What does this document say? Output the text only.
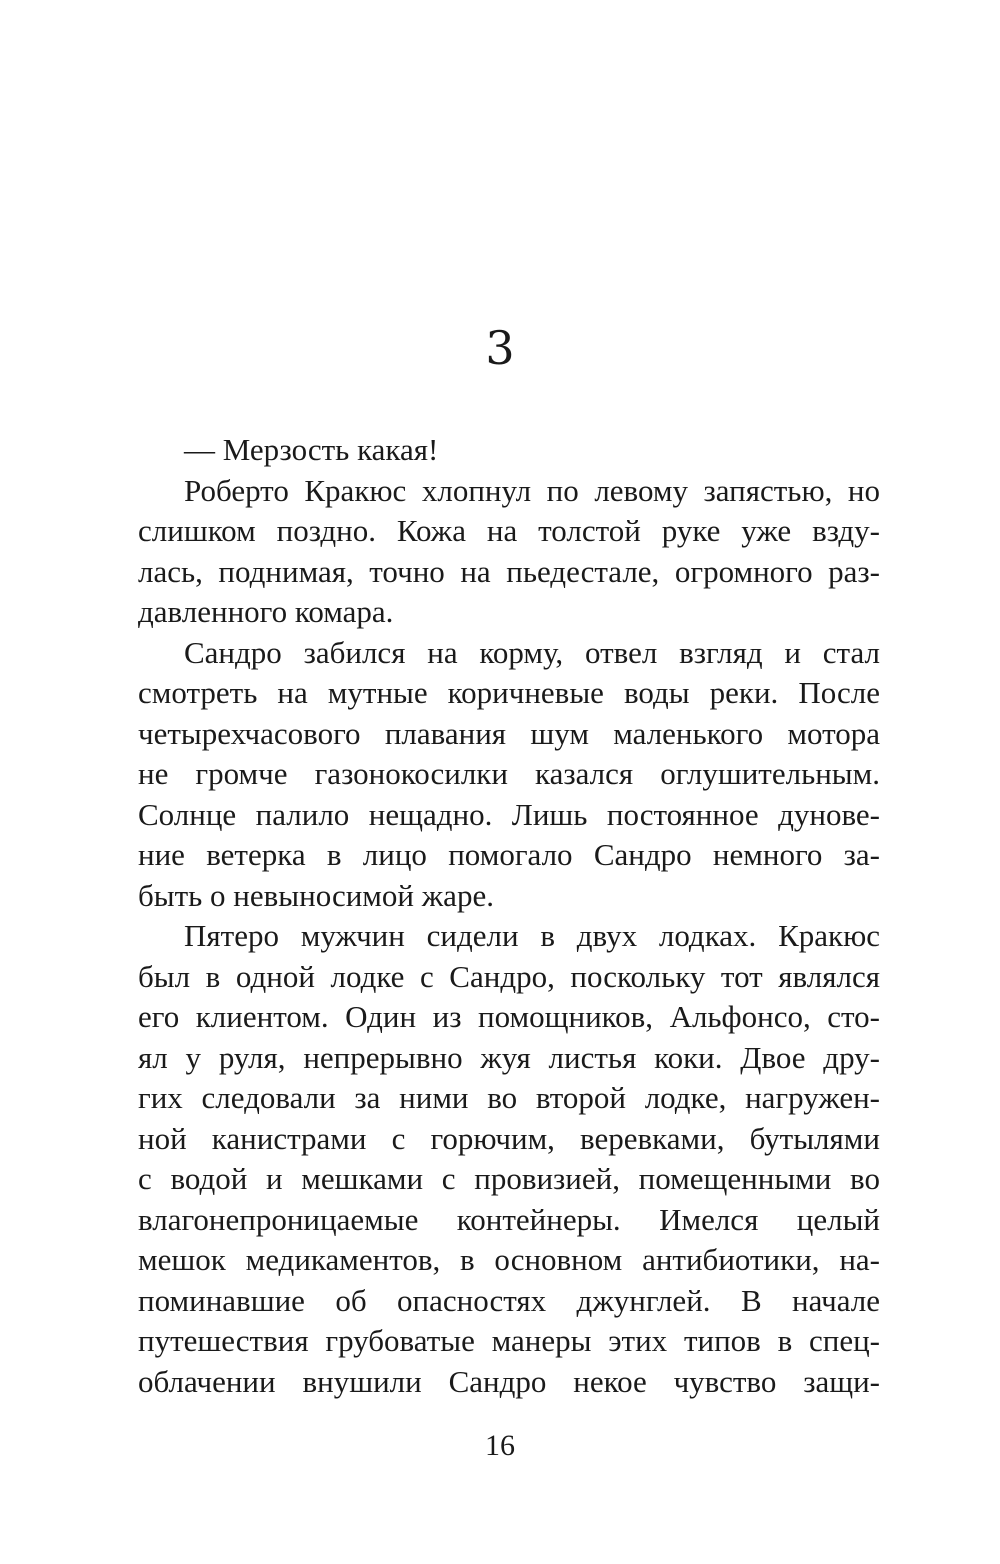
3
— Мерзость какая!
Роберто Кракюс хлопнул по левому запястью, но
слишком поздно. Кожа на толстой руке уже взду-
лась, поднимая, точно на пьедестале, огромного раз-
давленного комара.
Сандро забился на корму, отвел взгляд и стал
смотреть на мутные коричневые воды реки. После
четырехчасового плавания шум маленького мотора
не громче газонокосилки казался оглушительным.
Солнце палило нещадно. Лишь постоянное дунове-
ние ветерка в лицо помогало Сандро немного за-
быть о невыносимой жаре.
Пятеро мужчин сидели в двух лодках. Кракюс
был в одной лодке с Сандро, поскольку тот являлся
его клиентом. Один из помощников, Альфонсо, сто-
ял у руля, непрерывно жуя листья коки. Двое дру-
гих следовали за ними во второй лодке, нагружен-
ной канистрами с горючим, веревками, бутылями
с водой и мешками с провизией, помещенными во
влагонепроницаемые контейнеры. Имелся целый
мешок медикаментов, в основном антибиотики, на-
поминавшие об опасностях джунглей. В начале
путешествия грубоватые манеры этих типов в спец-
облачении внушили Сандро некое чувство защи-
16
